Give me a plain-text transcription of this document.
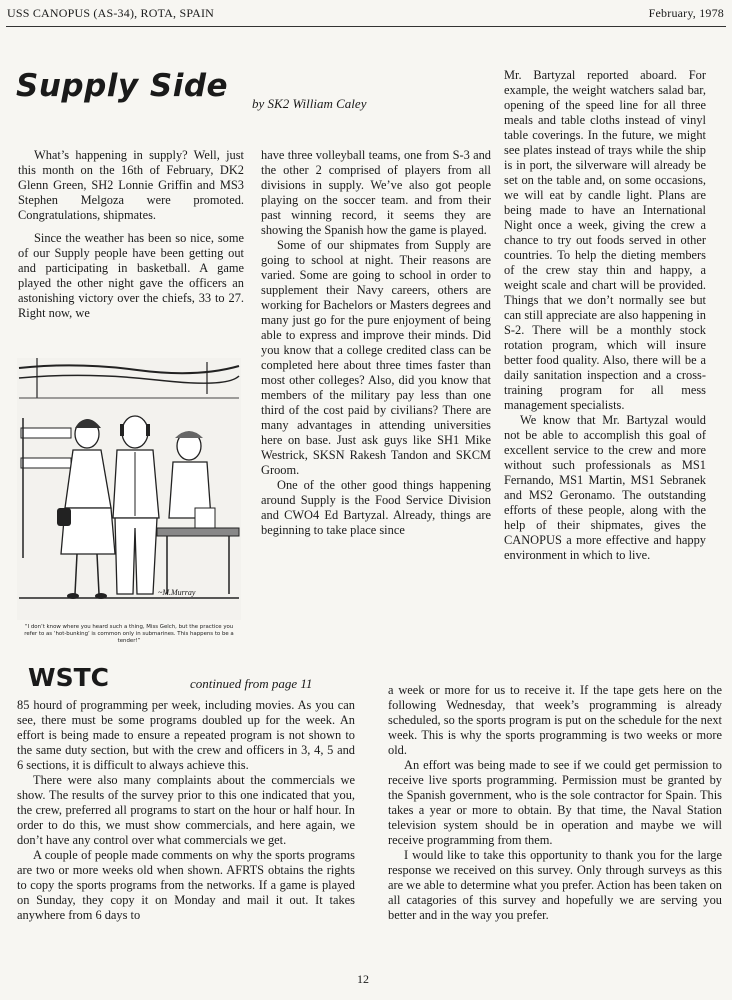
USS CANOPUS (AS-34), ROTA, SPAIN	February, 1978
Supply Side by SK2 William Caley

What’s happening in supply? Well, just this month on the 16th of February, DK2 Glenn Green, SH2 Lonnie Griffin and MS3 Stephen Melgoza were promoted. Congratulations, shipmates.

Since the weather has been so nice, some of our Supply people have been getting out and participating in basketball. A game played the other night gave the officers an astonishing victory over the chiefs, 33 to 27. Right now, we

have three volleyball teams, one from S-3 and the other 2 comprised of players from all divisions in supply. We’ve also got people playing on the soccer team. and from their past winning record, it seems they are showing the Spanish how the game is played.

Some of our shipmates from Supply are going to school at night. Their reasons are varied. Some are going to school in order to supplement their Navy careers, others are working for Bachelors or Masters degrees and many just go for the pure enjoyment of being able to express and improve their minds. Did you know that a college credited class can be completed here about three times faster than most other colleges? Also, did you know that members of the military pay less than one third of the cost paid by civilians? There are many advantages in attending universities here on base. Just ask guys like SH1 Mike Westrick, SKSN Rakesh Tandon and SKCM Groom.

One of the other good things happening around Supply is the Food Service Division and CWO4 Ed Bartyzal. Already, things are beginning to take place since

Mr. Bartyzal reported aboard. For example, the weight watchers salad bar, opening of the speed line for all three meals and table cloths instead of vinyl table coverings. In the future, we might see plates instead of trays while the ship is in port, the silverware will already be set on the table and, on some occasions, we will eat by candle light. Plans are being made to have an International Night once a week, giving the crew a chance to try out foods served in other countries. To help the dieting members of the crew stay thin and happy, a weight scale and chart will be provided. Things that we don’t normally see but can still appreciate are also happening in S-2. There will be a monthly stock rotation program, which will insure better food quality. Also, there will be a daily sanitation inspection and a cross-training program for all mess management specialists.

We know that Mr. Bartyzal would not be able to accomplish this goal of excellent service to the crew and more without such professionals as MS1 Fernando, MS1 Martin, MS1 Sebranek and MS2 Geronamo. The outstanding efforts of these people, along with the help of their shipmates, gives the CANOPUS a more effective and happy environment in which to live.

~M.Murray
“I don’t know where you heard such a thing, Miss Gelch, but the practice you refer to as ‘hot-bunking’ is common only in submarines. This happens to be a tender!”
WSTC	continued from page 11

85 hourd of programming per week, including movies. As you can see, there must be some programs doubled up for the week. An effort is being made to ensure a repeated program is not shown to the same duty section, but with the crew and officers in 3, 4, 5 and 6 sections, it is difficult to always achieve this.

There were also many complaints about the commercials we show. The results of the survey prior to this one indicated that you, the crew, preferred all programs to start on the hour or half hour. In order to do this, we must show commercials, and here again, we don’t have any control over what commercials we get.

A couple of people made comments on why the sports programs are two or more weeks old when shown. AFRTS obtains the rights to copy the sports programs from the networks. If a game is played on Sunday, they copy it on Monday and mail it out. It takes anywhere from 6 days to

a week or more for us to receive it. If the tape gets here on the following Wednesday, that week’s programming is already scheduled, so the sports program is put on the schedule for the next week. This is why the sports programming is two weeks or more old.

An effort was being made to see if we could get permission to receive live sports programming. Permission must be granted by the Spanish government, who is the sole contractor for Spain. This takes a year or more to obtain. By that time, the Naval Station television system should be in operation and maybe we will receive programming from them.

I would like to take this opportunity to thank you for the large response we received on this survey. Only through surveys as this are we able to determine what you prefer. Action has been taken on all catagories of this survey and hopefully we are serving you better and in the way you prefer.

12
